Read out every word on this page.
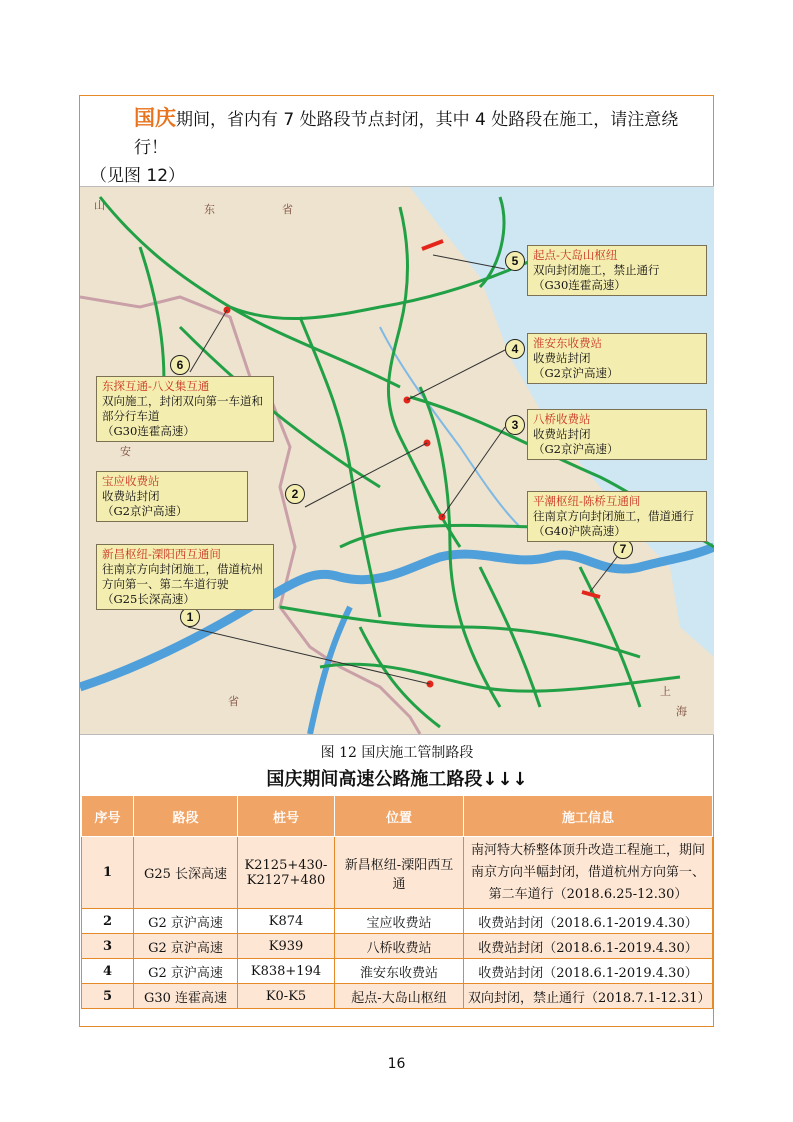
国庆期间，省内有 7 处路段节点封闭，其中 4 处路段在施工，请注意绕行！
（见图 12）
山	东	省
安
省
上
海
5	起点-大岛山枢纽
双向封闭施工，禁止通行
（G30连霍高速）
4	淮安东收费站
收费站封闭
（G2京沪高速）
6
东探互通-八义集互通
双向施工，封闭双向第一车道和
部分行车道
（G30连霍高速）	3	八桥收费站
收费站封闭
（G2京沪高速）
2
宝应收费站
收费站封闭
（G2京沪高速）
7
平潮枢纽-陈桥互通间
往南京方向封闭施工，借道通行
（G40沪陕高速）
1
新昌枢纽-溧阳西互通间
往南京方向封闭施工，借道杭州
方向第一、第二车道行驶
（G25长深高速）
图 12 国庆施工管制路段
国庆期间高速公路施工路段↓↓↓
序号	路段	桩号	位置	施工信息
1	G25 长深高速	K2125+430-K2127+480	新昌枢纽-溧阳西互通	南河特大桥整体顶升改造工程施工，期间南京方向半幅封闭，借道杭州方向第一、第二车道行（2018.6.25-12.30）
2	G2 京沪高速	K874	宝应收费站	收费站封闭（2018.6.1-2019.4.30）
3	G2 京沪高速	K939	八桥收费站	收费站封闭（2018.6.1-2019.4.30）
4	G2 京沪高速	K838+194	淮安东收费站	收费站封闭（2018.6.1-2019.4.30）
5	G30 连霍高速	K0-K5	起点-大岛山枢纽	双向封闭，禁止通行（2018.7.1-12.31）
16
